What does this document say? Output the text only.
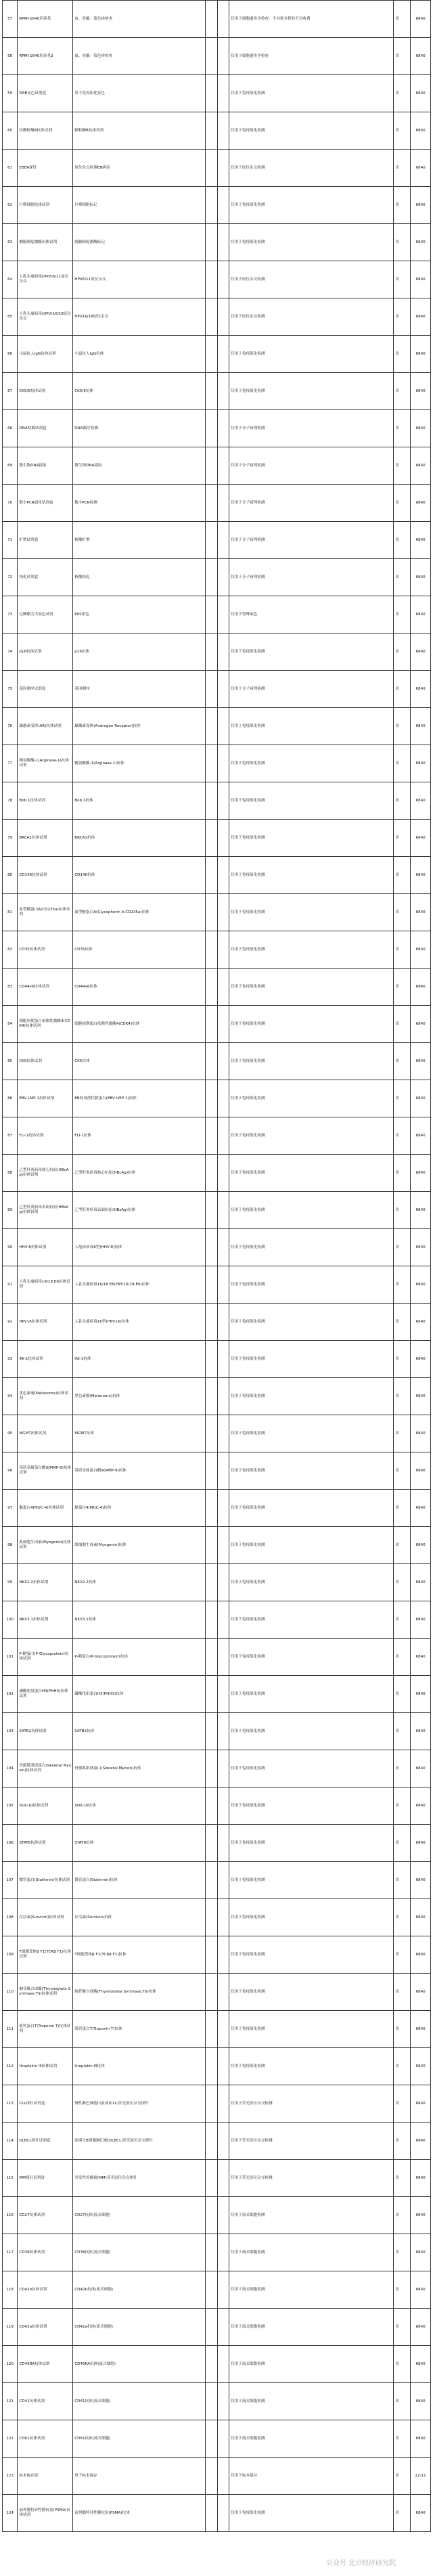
57	RPMI-1640培养基	血、骨髓：染色体检查			仅用于细胞遗传学检查，不具备分析的不另收费	次	6840
58	RPMI-1640培养基2	血、骨髓：染色体检查			仅用于细胞遗传学检查	次	6840
59	DAB显色试剂盒	用于免疫组化显色			仅用于免疫组化检测	次	6840
60	抗颗粒酶B抗体试剂	颗粒酶B抗体试剂			仅用于免疫组化检测	次	6840
61	EBER探针	原位杂交检测EB病毒			仅用于原位杂交检测	次	6840
62	巨噬细胞抗体试剂	巨噬细胞标记			仅用于免疫组化检测	次	6840
63	胸腺嘧啶激酶抗体试剂	胸腺嘧啶激酶标记			仅用于免疫组化检测	次	6840
64	人乳头瘤病毒(HPV)6/11原位杂交	HPV6/11原位杂交			仅用于原位杂交检测	次	6840
65	人乳头瘤病毒(HPV)16/18原位杂交	HPV16/18原位杂交			仅用于原位杂交检测	次	6840
66	小鼠抗人IgG抗体试剂	小鼠抗人IgG抗体			仅用于免疫组化检测	次	6840
67	CK5/6抗体试剂	CK5/6抗体			仅用于免疫组化检测	次	6840
68	DNA检测试剂盒	DNA测序检测			仅用于分子病理检测	次	6840
69	微生物DNA提取	微生物DNA提取			仅用于分子病理检测	次	6840
70	数字PCR通用试剂盒	数字PCR检测			仅用于分子病理检测	次	6840
71	扩增试剂盒	核酸扩增			仅用于分子病理检测	次	6840
72	纯化试剂盒	核酸纯化			仅用于分子病理检测	次	6840
73	过碘酸雪夫染色试剂	PAS染色			仅用于特殊染色	次	6840
74	p16抗体试剂	p16抗体			仅用于免疫组化检测	次	6840
75	基因测序试剂盒	基因测序			仅用于分子病理检测	次	6840
76	雄激素受体(AR)抗体试剂	雄激素受体(Androgen Receptor)抗体			仅用于免疫组化检测	次	6840
77	精氨酸酶-1(Arginase-1)抗体试剂	精氨酸酶-1(Arginase-1)抗体			仅用于免疫组化检测	次	6840
78	Bob.1抗体试剂	Bob.1抗体			仅用于免疫组化检测	次	6840
79	BRCA1抗体试剂	BRCA1抗体			仅用于免疫组化检测	次	6840
80	CD146抗体试剂	CD146抗体			仅用于免疫组化检测	次	6840
81	血型糖蛋白A(CD235a)抗体试剂	血型糖蛋白A(Glycophorin A,CD235a)抗体			仅用于免疫组化检测	次	6840
82	CD35抗体试剂	CD35抗体			仅用于免疫组化检测	次	6840
83	CD44v6抗体试剂	CD44v6抗体			仅用于免疫组化检测	次	6840
84	细胞周期蛋白依赖性激酶4(CDK4)抗体试剂	细胞周期蛋白依赖性激酶4(CDK4)抗体			仅用于免疫组化检测	次	6840
85	CK5抗体试剂	CK5抗体			仅用于免疫组化检测	次	6840
86	EBV LMP-1抗体试剂	EB病毒潜伏膜蛋白(EBV LMP-1)抗体			仅用于免疫组化检测	次	6840
87	FLI-1抗体试剂	FLI-1抗体			仅用于免疫组化检测	次	6840
88	乙型肝炎病毒核心抗原(HBcAg)抗体试剂	乙型肝炎病毒核心抗原(HBcAg)抗体			仅用于免疫组化检测	次	6840
89	乙型肝炎病毒表面抗原(HBsAg)抗体试剂	乙型肝炎病毒表面抗原(HBsAg)抗体			仅用于免疫组化检测	次	6840
90	HHV-8抗体试剂	人疱疹病毒8型(HHV-8)抗体			仅用于免疫组化检测	次	6840
91	人乳头瘤病毒16/18 E6抗体试剂	人乳头瘤病毒16/18 E6(HPV16/18-E6)抗体			仅用于免疫组化检测	次	6840
92	HPV16抗体试剂	人乳头瘤病毒16型(HPV16)抗体			仅用于免疫组化检测	次	6840
93	INI-1抗体试剂	INI-1抗体			仅用于免疫组化检测	次	6840
94	黑色素瘤(Melanoma)抗体试剂	黑色素瘤(Melanoma)抗体			仅用于免疫组化检测	次	6840
95	MGMT抗体试剂	MGMT抗体			仅用于免疫组化检测	次	6840
96	基质金属蛋白酶9(MMP-9)抗体试剂	基质金属蛋白酶9(MMP-9)抗体			仅用于免疫组化检测	次	6840
97	黏蛋白4(MUC-4)抗体试剂	黏蛋白4(MUC-4)抗体			仅用于免疫组化检测	次	6840
98	肌细胞生成素(Myogenin)抗体试剂	肌细胞生成素(Myogenin)抗体			仅用于免疫组化检测	次	6840
99	NKX2.2抗体试剂	NKX2.2抗体			仅用于免疫组化检测	次	6840
100	NKX3.1抗体试剂	NKX3.1抗体			仅用于免疫组化检测	次	6840
101	P-糖蛋白(P-Glycoprotein)抗体试剂	P-糖蛋白(P-Glycoprotein)抗体			仅用于免疫组化检测	次	6840
102	磷酸化组蛋白H3(PHH3)抗体试剂	磷酸化组蛋白H3(PHH3)抗体			仅用于免疫组化检测	次	6840
103	SATB2抗体试剂	SATB2抗体			仅用于免疫组化检测	次	6840
104	骨骼肌肌球蛋白(Skeletal Myosin)抗体试剂	骨骼肌肌球蛋白(Skeletal Myosin)抗体			仅用于免疫组化检测	次	6840
105	SOX-10抗体试剂	SOX-10抗体			仅用于免疫组化检测	次	6840
106	STAT6抗体试剂	STAT6抗体			仅用于免疫组化检测	次	6840
107	微管蛋白(Stathmin)抗体试剂	微管蛋白(Stathmin)抗体			仅用于免疫组化检测	次	6840
108	存活素(Survivin)抗体试剂	存活素(Survivin)抗体			仅用于免疫组化检测	次	6840
109	T细胞受体β F1(TCRβ F1)抗体试剂	T细胞受体β F1(TCRβ F1)抗体			仅用于免疫组化检测	次	6840
110	胸苷酸合成酶(Thymidylate Synthase,TS)抗体试剂	胸苷酸合成酶(Thymidylate Synthase,TS)抗体			仅用于免疫组化检测	次	6840
111	肌钙蛋白T(Troponin T)抗体试剂	肌钙蛋白T(Troponin T)抗体			仅用于免疫组化检测	次	6840
112	Uroplakin III抗体试剂	Uroplakin III抗体			仅用于免疫组化检测	次	6840
113	CLL探针试剂盒	慢性淋巴细胞白血病(CLL)荧光原位杂交探针			仅用于荧光原位杂交检测	次	6840
114	DLBCL探针试剂盒	弥漫大B细胞淋巴瘤(DLBCL)荧光原位杂交探针			仅用于荧光原位杂交检测	次	6840
115	MM探针试剂盒	多发性骨髓瘤(MM)荧光原位杂交探针			仅用于荧光原位杂交检测	次	6840
116	CD27抗体试剂	CD27抗体(流式细胞)			仅用于流式细胞检测	次	6840
117	CD38抗体试剂	CD38抗体(流式细胞)			仅用于流式细胞检测	次	6840
118	CD42b抗体试剂	CD42b抗体(流式细胞)			仅用于流式细胞检测	次	6840
119	CD42a抗体试剂	CD42a抗体(流式细胞)			仅用于流式细胞检测	次	6840
120	CD45RA抗体试剂	CD45RA抗体(流式细胞)			仅用于流式细胞检测	次	6840
121	CD41抗体试剂	CD41抗体(流式细胞)			仅用于流式细胞检测	次	6840
122	CD61抗体试剂	CD61抗体(流式细胞)			仅用于流式细胞检测	次	6840
123	标本保存液	用于标本保存			仅用于标本保存	次	22-11
124	前列腺特异性膜抗原(PSMA)抗体试剂	前列腺特异性膜抗原(PSMA)抗体			仅用于免疫组化检测	次	6840
公众号 北京经济研究院
